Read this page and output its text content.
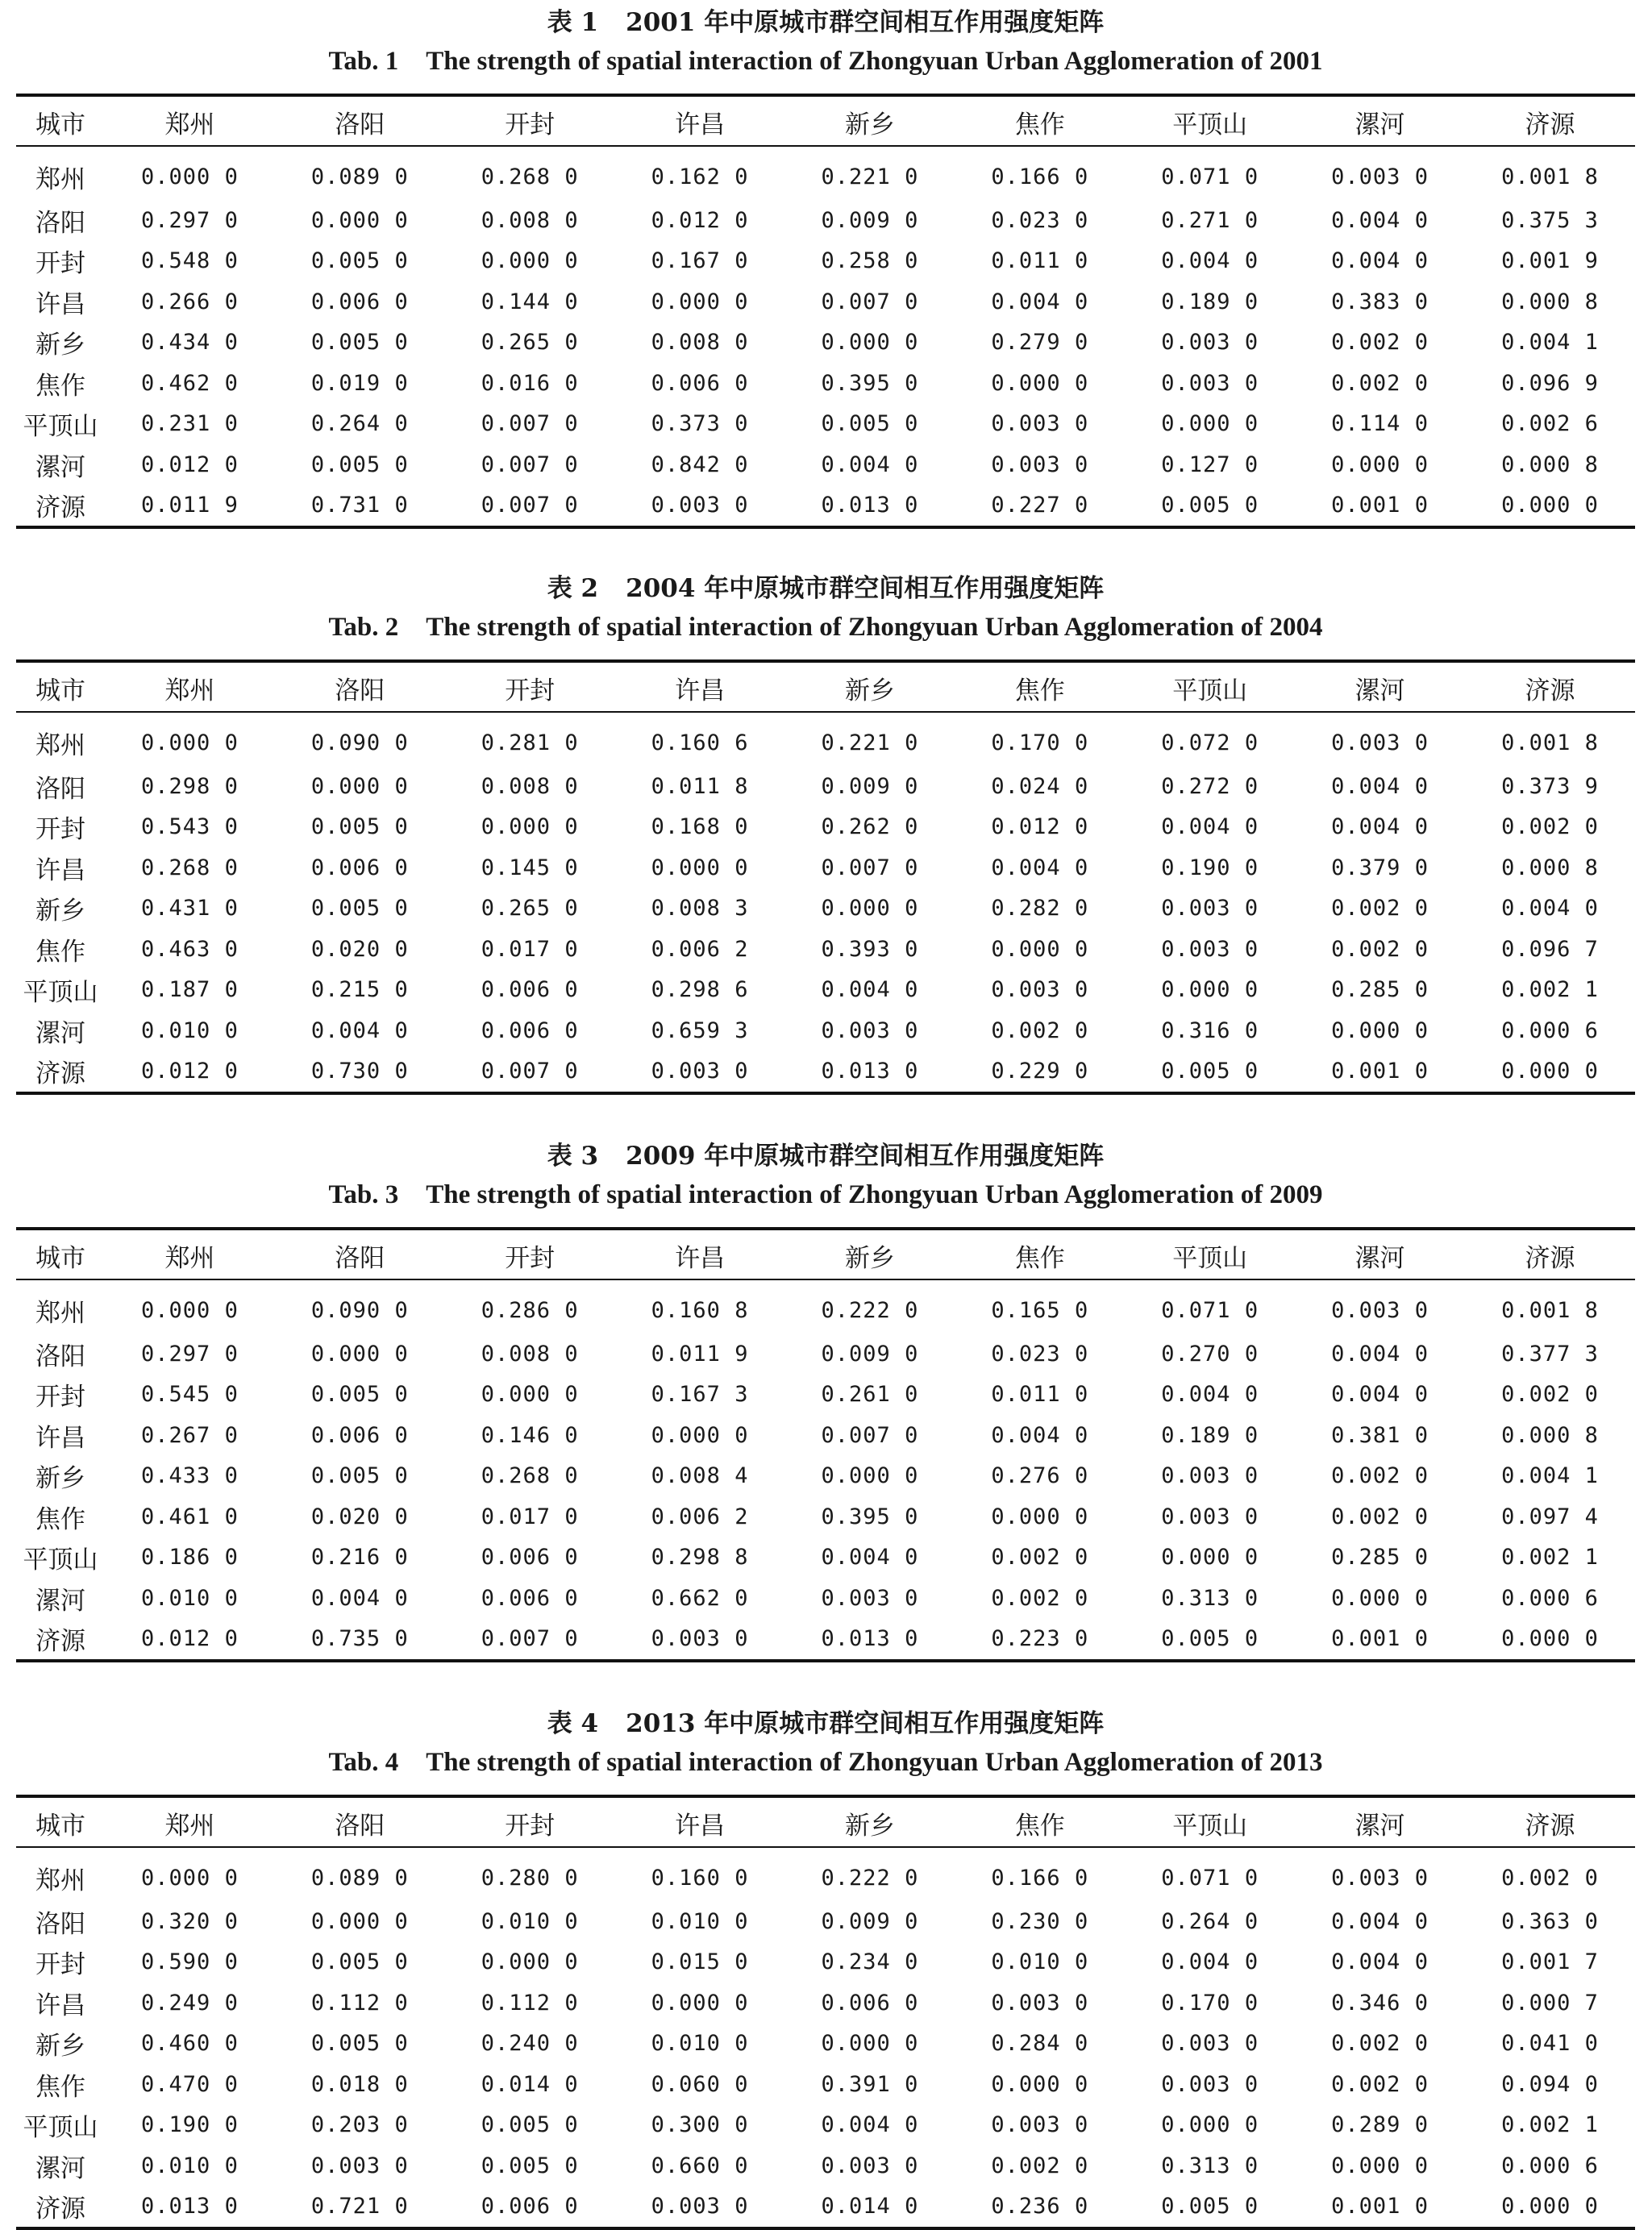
表 1 2001 年中原城市群空间相互作用强度矩阵
Tab. 1 The strength of spatial interaction of Zhongyuan Urban Agglomeration of 2001
城市	郑州	洛阳	开封	许昌	新乡	焦作	平顶山	漯河	济源
郑州	0.000 0	0.089 0	0.268 0	0.162 0	0.221 0	0.166 0	0.071 0	0.003 0	0.001 8
洛阳	0.297 0	0.000 0	0.008 0	0.012 0	0.009 0	0.023 0	0.271 0	0.004 0	0.375 3
开封	0.548 0	0.005 0	0.000 0	0.167 0	0.258 0	0.011 0	0.004 0	0.004 0	0.001 9
许昌	0.266 0	0.006 0	0.144 0	0.000 0	0.007 0	0.004 0	0.189 0	0.383 0	0.000 8
新乡	0.434 0	0.005 0	0.265 0	0.008 0	0.000 0	0.279 0	0.003 0	0.002 0	0.004 1
焦作	0.462 0	0.019 0	0.016 0	0.006 0	0.395 0	0.000 0	0.003 0	0.002 0	0.096 9
平顶山	0.231 0	0.264 0	0.007 0	0.373 0	0.005 0	0.003 0	0.000 0	0.114 0	0.002 6
漯河	0.012 0	0.005 0	0.007 0	0.842 0	0.004 0	0.003 0	0.127 0	0.000 0	0.000 8
济源	0.011 9	0.731 0	0.007 0	0.003 0	0.013 0	0.227 0	0.005 0	0.001 0	0.000 0
表 2 2004 年中原城市群空间相互作用强度矩阵
Tab. 2 The strength of spatial interaction of Zhongyuan Urban Agglomeration of 2004
城市	郑州	洛阳	开封	许昌	新乡	焦作	平顶山	漯河	济源
郑州	0.000 0	0.090 0	0.281 0	0.160 6	0.221 0	0.170 0	0.072 0	0.003 0	0.001 8
洛阳	0.298 0	0.000 0	0.008 0	0.011 8	0.009 0	0.024 0	0.272 0	0.004 0	0.373 9
开封	0.543 0	0.005 0	0.000 0	0.168 0	0.262 0	0.012 0	0.004 0	0.004 0	0.002 0
许昌	0.268 0	0.006 0	0.145 0	0.000 0	0.007 0	0.004 0	0.190 0	0.379 0	0.000 8
新乡	0.431 0	0.005 0	0.265 0	0.008 3	0.000 0	0.282 0	0.003 0	0.002 0	0.004 0
焦作	0.463 0	0.020 0	0.017 0	0.006 2	0.393 0	0.000 0	0.003 0	0.002 0	0.096 7
平顶山	0.187 0	0.215 0	0.006 0	0.298 6	0.004 0	0.003 0	0.000 0	0.285 0	0.002 1
漯河	0.010 0	0.004 0	0.006 0	0.659 3	0.003 0	0.002 0	0.316 0	0.000 0	0.000 6
济源	0.012 0	0.730 0	0.007 0	0.003 0	0.013 0	0.229 0	0.005 0	0.001 0	0.000 0
表 3 2009 年中原城市群空间相互作用强度矩阵
Tab. 3 The strength of spatial interaction of Zhongyuan Urban Agglomeration of 2009
城市	郑州	洛阳	开封	许昌	新乡	焦作	平顶山	漯河	济源
郑州	0.000 0	0.090 0	0.286 0	0.160 8	0.222 0	0.165 0	0.071 0	0.003 0	0.001 8
洛阳	0.297 0	0.000 0	0.008 0	0.011 9	0.009 0	0.023 0	0.270 0	0.004 0	0.377 3
开封	0.545 0	0.005 0	0.000 0	0.167 3	0.261 0	0.011 0	0.004 0	0.004 0	0.002 0
许昌	0.267 0	0.006 0	0.146 0	0.000 0	0.007 0	0.004 0	0.189 0	0.381 0	0.000 8
新乡	0.433 0	0.005 0	0.268 0	0.008 4	0.000 0	0.276 0	0.003 0	0.002 0	0.004 1
焦作	0.461 0	0.020 0	0.017 0	0.006 2	0.395 0	0.000 0	0.003 0	0.002 0	0.097 4
平顶山	0.186 0	0.216 0	0.006 0	0.298 8	0.004 0	0.002 0	0.000 0	0.285 0	0.002 1
漯河	0.010 0	0.004 0	0.006 0	0.662 0	0.003 0	0.002 0	0.313 0	0.000 0	0.000 6
济源	0.012 0	0.735 0	0.007 0	0.003 0	0.013 0	0.223 0	0.005 0	0.001 0	0.000 0
表 4 2013 年中原城市群空间相互作用强度矩阵
Tab. 4 The strength of spatial interaction of Zhongyuan Urban Agglomeration of 2013
城市	郑州	洛阳	开封	许昌	新乡	焦作	平顶山	漯河	济源
郑州	0.000 0	0.089 0	0.280 0	0.160 0	0.222 0	0.166 0	0.071 0	0.003 0	0.002 0
洛阳	0.320 0	0.000 0	0.010 0	0.010 0	0.009 0	0.230 0	0.264 0	0.004 0	0.363 0
开封	0.590 0	0.005 0	0.000 0	0.015 0	0.234 0	0.010 0	0.004 0	0.004 0	0.001 7
许昌	0.249 0	0.112 0	0.112 0	0.000 0	0.006 0	0.003 0	0.170 0	0.346 0	0.000 7
新乡	0.460 0	0.005 0	0.240 0	0.010 0	0.000 0	0.284 0	0.003 0	0.002 0	0.041 0
焦作	0.470 0	0.018 0	0.014 0	0.060 0	0.391 0	0.000 0	0.003 0	0.002 0	0.094 0
平顶山	0.190 0	0.203 0	0.005 0	0.300 0	0.004 0	0.003 0	0.000 0	0.289 0	0.002 1
漯河	0.010 0	0.003 0	0.005 0	0.660 0	0.003 0	0.002 0	0.313 0	0.000 0	0.000 6
济源	0.013 0	0.721 0	0.006 0	0.003 0	0.014 0	0.236 0	0.005 0	0.001 0	0.000 0
